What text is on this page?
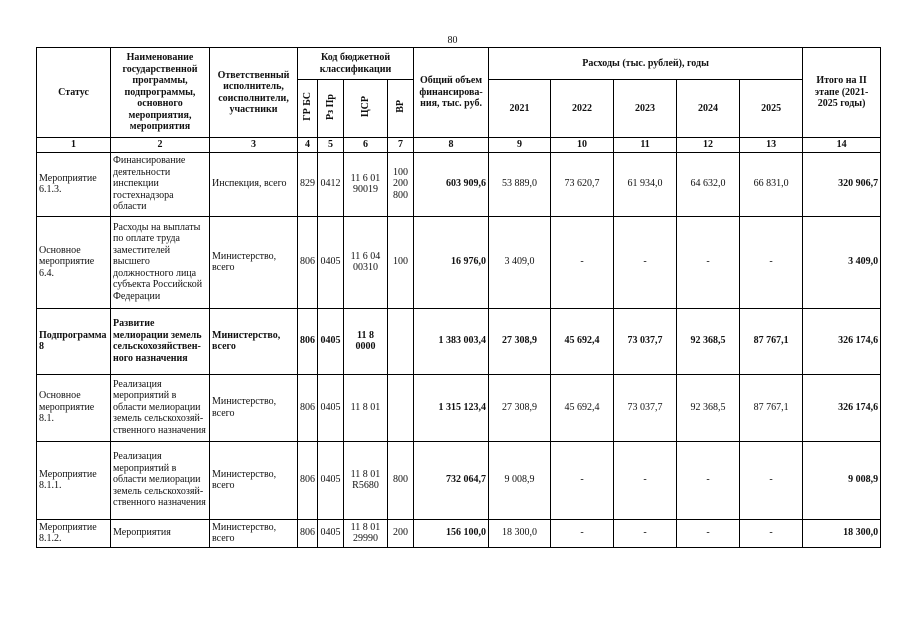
80
Статус	Наименование государственной программы, подпрограммы, основного мероприятия, мероприятия	Ответственный исполнитель, соисполнители, участники	Код бюджетной классификации				Общий объем финансирова-ния, тыс. руб.	Расходы (тыс. рублей), годы					Итого на II этапе (2021-2025 годы)
			ГР БС	Рз Пр	ЦСР	ВР		2021	2022	2023	2024	2025	
1	2	3	4	5	6	7	8	9	10	11	12	13	14
Мероприятие 6.1.3.	Финансирование деятельности инспекции гостехнадзора области	Инспекция, всего	829	0412	11 6 01 90019	100 200 800	603 909,6	53 889,0	73 620,7	61 934,0	64 632,0	66 831,0	320 906,7
Основное мероприятие 6.4.	Расходы на выплаты по оплате труда заместителей высшего должностного лица субъекта Российской Федерации	Министерство, всего	806	0405	11 6 04 00310	100	16 976,0	3 409,0	-	-	-	-	3 409,0
Подпрограмма 8	Развитие мелиорации земель сельскохозяйствен-ного назначения	Министерство, всего	806	0405	11 8 0000		1 383 003,4	27 308,9	45 692,4	73 037,7	92 368,5	87 767,1	326 174,6
Основное мероприятие 8.1.	Реализация мероприятий в области мелиорации земель сельскохозяй-ственного назначения	Министерство, всего	806	0405	11 8 01		1 315 123,4	27 308,9	45 692,4	73 037,7	92 368,5	87 767,1	326 174,6
Мероприятие 8.1.1.	Реализация мероприятий в области мелиорации земель сельскохозяй-ственного назначения	Министерство, всего	806	0405	11 8 01 R5680	800	732 064,7	9 008,9	-	-	-	-	9 008,9
Мероприятие 8.1.2.	Мероприятия	Министерство, всего	806	0405	11 8 01 29990	200	156 100,0	18 300,0	-	-	-	-	18 300,0
